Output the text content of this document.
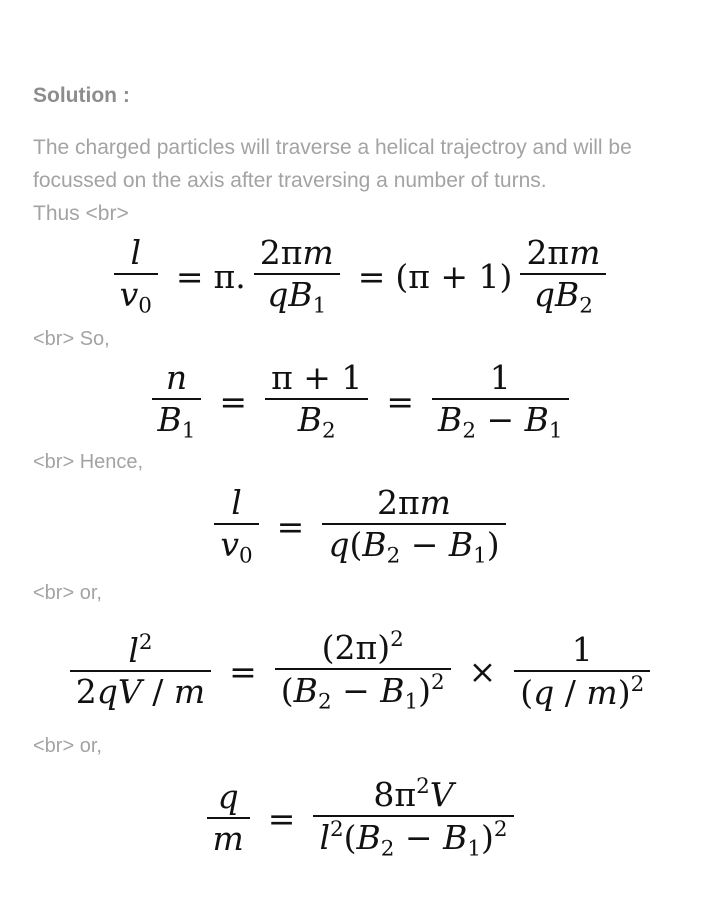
Solution :
The charged particles will traverse a helical trajectroy and will be focussed on the axis after traversing a number of turns.
Thus <br>
$\frac{l}{v_0} = \pi$. $\frac{2\pi m}{qB_1} = (\pi + 1) \frac{2\pi m}{qB_2}$
<br> So,
$\frac{n}{B_1} = \frac{\pi + 1}{B_2} = \frac{1}{B_2 - B_1}$
<br> Hence,
$\frac{l}{v_0} = \frac{2\pi m}{q(B_2 - B_1)}$
<br> or,
$\frac{l^2}{2qV / m} = \frac{(2\pi)^2}{(B_2 - B_1)^2} \times \frac{1}{(q / m)^2}$
<br> or,
$\frac{q}{m} = \frac{8\pi^2V}{l^2(B_2 - B_1)^2}$
